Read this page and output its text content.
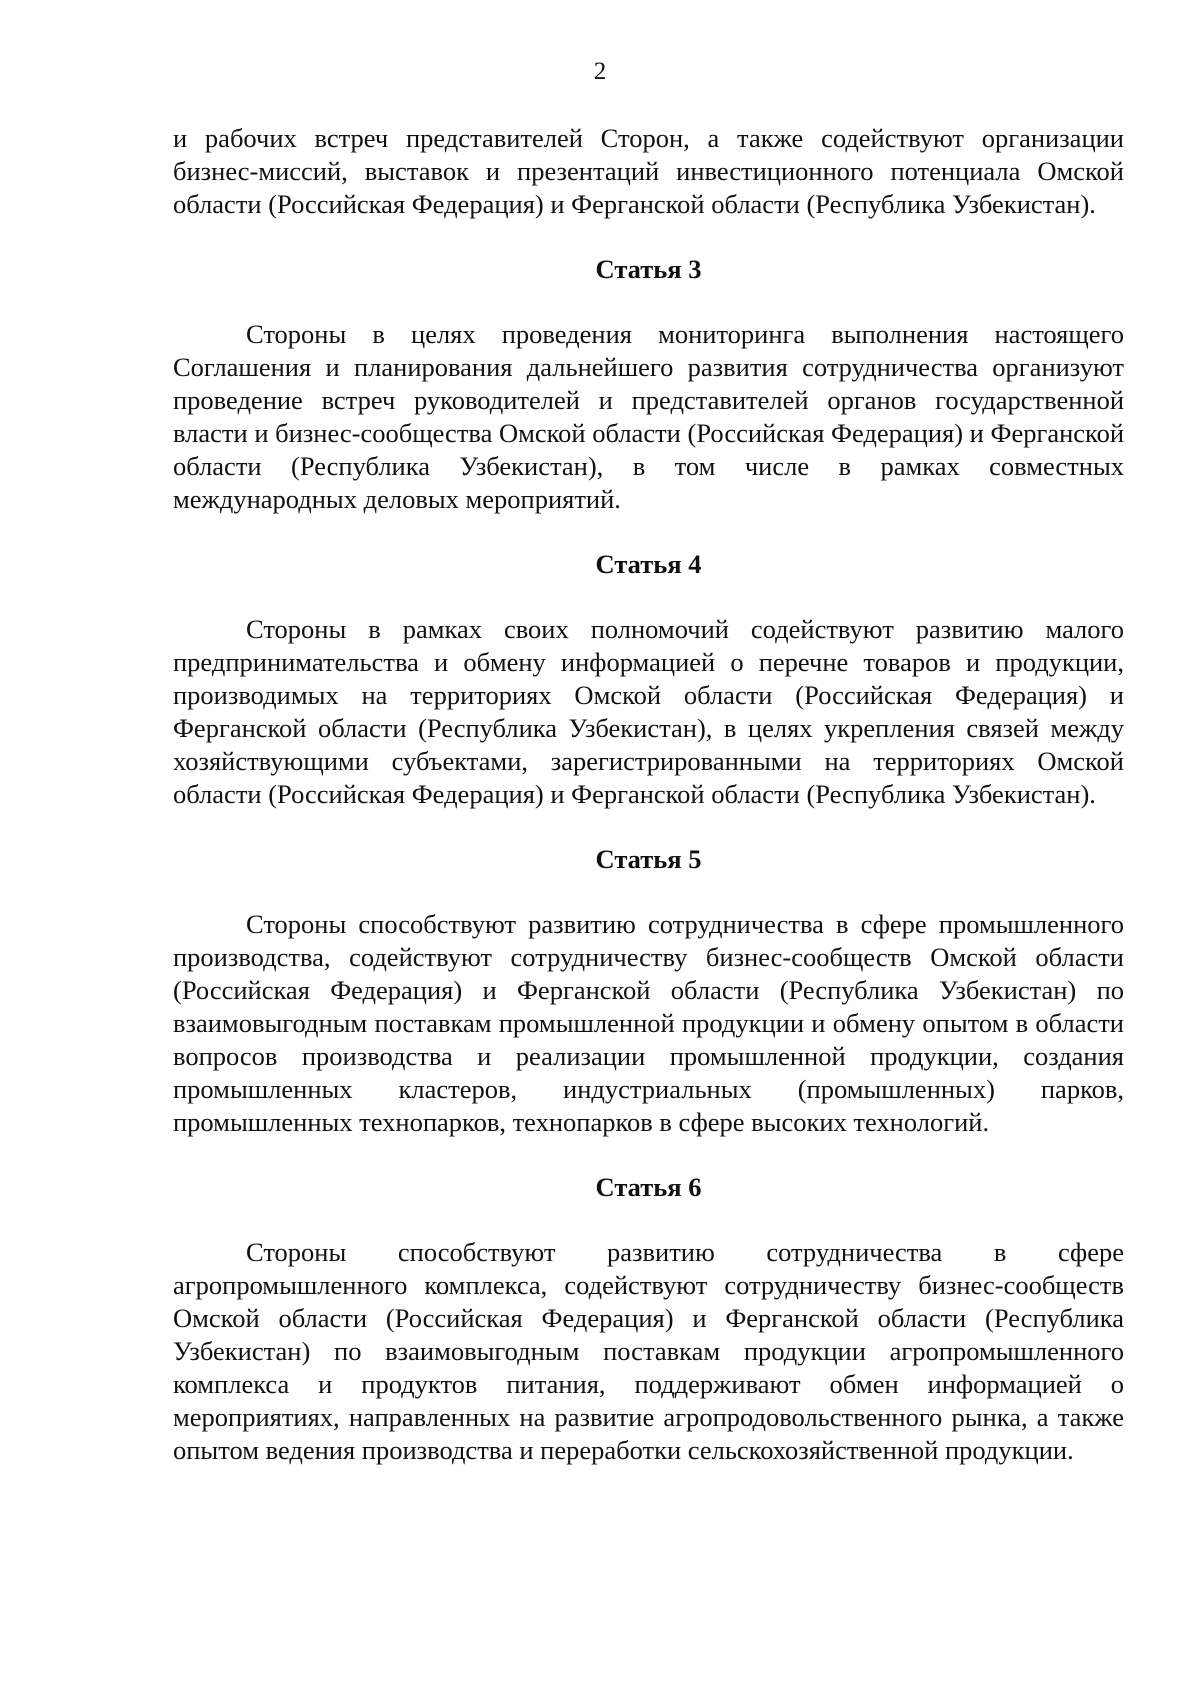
2

и рабочих встреч представителей Сторон, а также содействуют организации бизнес-миссий, выставок и презентаций инвестиционного потенциала Омской области (Российская Федерация) и Ферганской области (Республика Узбекистан).

Статья 3

Стороны в целях проведения мониторинга выполнения настоящего Соглашения и планирования дальнейшего развития сотрудничества организуют проведение встреч руководителей и представителей органов государственной власти и бизнес-сообщества Омской области (Российская Федерация) и Ферганской области (Республика Узбекистан), в том числе в рамках совместных международных деловых мероприятий.

Статья 4

Стороны в рамках своих полномочий содействуют развитию малого предпринимательства и обмену информацией о перечне товаров и продукции, производимых на территориях Омской области (Российская Федерация) и Ферганской области (Республика Узбекистан), в целях укрепления связей между хозяйствующими субъектами, зарегистрированными на территориях Омской области (Российская Федерация) и Ферганской области (Республика Узбекистан).

Статья 5

Стороны способствуют развитию сотрудничества в сфере промышленного производства, содействуют сотрудничеству бизнес-сообществ Омской области (Российская Федерация) и Ферганской области (Республика Узбекистан) по взаимовыгодным поставкам промышленной продукции и обмену опытом в области вопросов производства и реализации промышленной продукции, создания промышленных кластеров, индустриальных (промышленных) парков, промышленных технопарков, технопарков в сфере высоких технологий.

Статья 6

Стороны способствуют развитию сотрудничества в сфере агропромышленного комплекса, содействуют сотрудничеству бизнес-сообществ Омской области (Российская Федерация) и Ферганской области (Республика Узбекистан) по взаимовыгодным поставкам продукции агропромышленного комплекса и продуктов питания, поддерживают обмен информацией о мероприятиях, направленных на развитие агропродовольственного рынка, а также опытом ведения производства и переработки сельскохозяйственной продукции.
